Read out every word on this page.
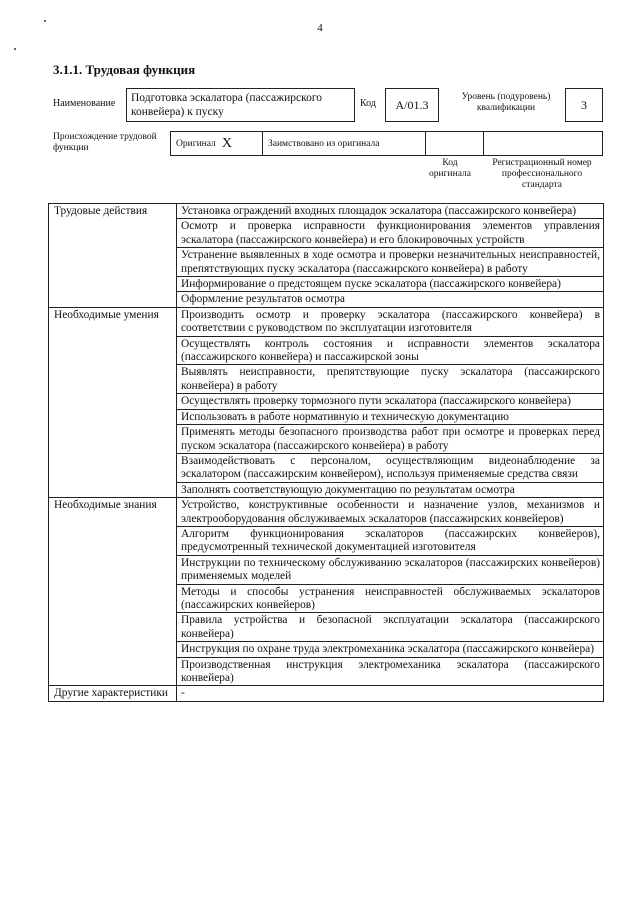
4
3.1.1. Трудовая функция
Наименование	Подготовка эскалатора (пассажирского конвейера) к пуску
Код	А/01.3
Уровень (подуровень) квалификации	3
Происхождение трудовой функции	Оригинал X	Заимствовано из оригинала
Код оригинала
Регистрационный номер профессионального стандарта
Трудовые действия	Установка ограждений входных площадок эскалатора (пассажирского конвейера)
	Осмотр и проверка исправности функционирования элементов управления эскалатора (пассажирского конвейера) и его блокировочных устройств
	Устранение выявленных в ходе осмотра и проверки незначительных неисправностей, препятствующих пуску эскалатора (пассажирского конвейера) в работу
	Информирование о предстоящем пуске эскалатора (пассажирского конвейера)
	Оформление результатов осмотра
Необходимые умения	Производить осмотр и проверку эскалатора (пассажирского конвейера) в соответствии с руководством по эксплуатации изготовителя
	Осуществлять контроль состояния и исправности элементов эскалатора (пассажирского конвейера) и пассажирской зоны
	Выявлять неисправности, препятствующие пуску эскалатора (пассажирского конвейера) в работу
	Осуществлять проверку тормозного пути эскалатора (пассажирского конвейера)
	Использовать в работе нормативную и техническую документацию
	Применять методы безопасного производства работ при осмотре и проверках перед пуском эскалатора (пассажирского конвейера) в работу
	Взаимодействовать с персоналом, осуществляющим видеонаблюдение за эскалатором (пассажирским конвейером), используя применяемые средства связи
	Заполнять соответствующую документацию по результатам осмотра
Необходимые знания	Устройство, конструктивные особенности и назначение узлов, механизмов и электрооборудования обслуживаемых эскалаторов (пассажирских конвейеров)
	Алгоритм функционирования эскалаторов (пассажирских конвейеров), предусмотренный технической документацией изготовителя
	Инструкции по техническому обслуживанию эскалаторов (пассажирских конвейеров) применяемых моделей
	Методы и способы устранения неисправностей обслуживаемых эскалаторов (пассажирских конвейеров)
	Правила устройства и безопасной эксплуатации эскалатора (пассажирского конвейера)
	Инструкция по охране труда электромеханика эскалатора (пассажирского конвейера)
	Производственная инструкция электромеханика эскалатора (пассажирского конвейера)
Другие характеристики	-
